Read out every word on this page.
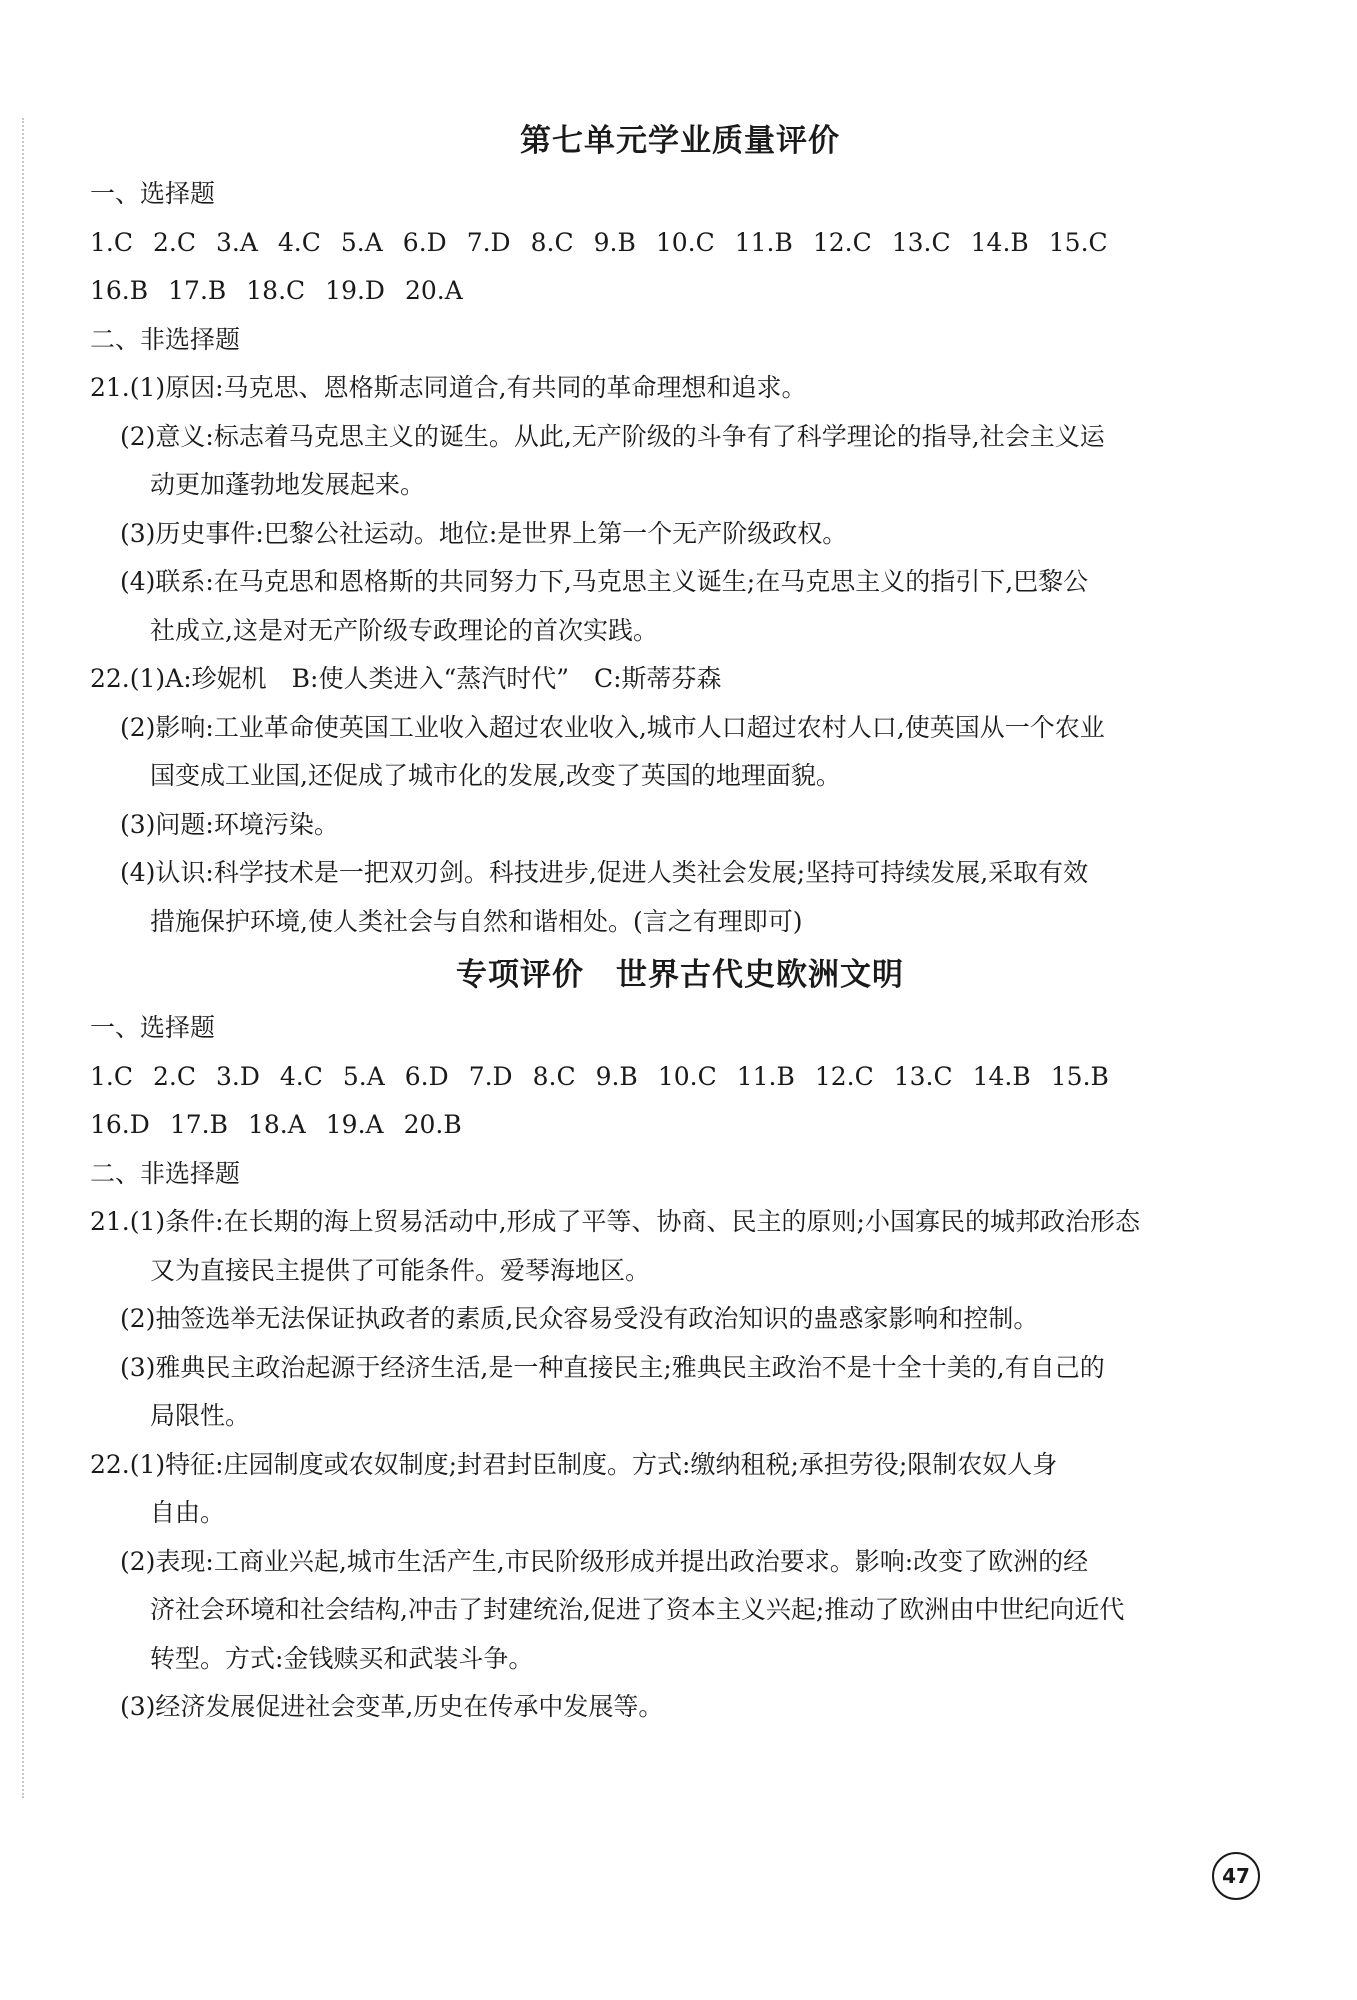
第七单元学业质量评价
一、选择题
1.C 2.C 3.A 4.C 5.A 6.D 7.D 8.C 9.B 10.C 11.B 12.C 13.C 14.B 15.C
16.B 17.B 18.C 19.D 20.A
二、非选择题
21.(1)原因:马克思、恩格斯志同道合,有共同的革命理想和追求。
(2)意义:标志着马克思主义的诞生。从此,无产阶级的斗争有了科学理论的指导,社会主义运
动更加蓬勃地发展起来。
(3)历史事件:巴黎公社运动。地位:是世界上第一个无产阶级政权。
(4)联系:在马克思和恩格斯的共同努力下,马克思主义诞生;在马克思主义的指引下,巴黎公
社成立,这是对无产阶级专政理论的首次实践。
22.(1)A:珍妮机　B:使人类进入“蒸汽时代”　C:斯蒂芬森
(2)影响:工业革命使英国工业收入超过农业收入,城市人口超过农村人口,使英国从一个农业
国变成工业国,还促成了城市化的发展,改变了英国的地理面貌。
(3)问题:环境污染。
(4)认识:科学技术是一把双刃剑。科技进步,促进人类社会发展;坚持可持续发展,采取有效
措施保护环境,使人类社会与自然和谐相处。(言之有理即可)
专项评价　世界古代史欧洲文明
一、选择题
1.C 2.C 3.D 4.C 5.A 6.D 7.D 8.C 9.B 10.C 11.B 12.C 13.C 14.B 15.B
16.D 17.B 18.A 19.A 20.B
二、非选择题
21.(1)条件:在长期的海上贸易活动中,形成了平等、协商、民主的原则;小国寡民的城邦政治形态
又为直接民主提供了可能条件。爱琴海地区。
(2)抽签选举无法保证执政者的素质,民众容易受没有政治知识的蛊惑家影响和控制。
(3)雅典民主政治起源于经济生活,是一种直接民主;雅典民主政治不是十全十美的,有自己的
局限性。
22.(1)特征:庄园制度或农奴制度;封君封臣制度。方式:缴纳租税;承担劳役;限制农奴人身
自由。
(2)表现:工商业兴起,城市生活产生,市民阶级形成并提出政治要求。影响:改变了欧洲的经
济社会环境和社会结构,冲击了封建统治,促进了资本主义兴起;推动了欧洲由中世纪向近代
转型。方式:金钱赎买和武装斗争。
(3)经济发展促进社会变革,历史在传承中发展等。
47
